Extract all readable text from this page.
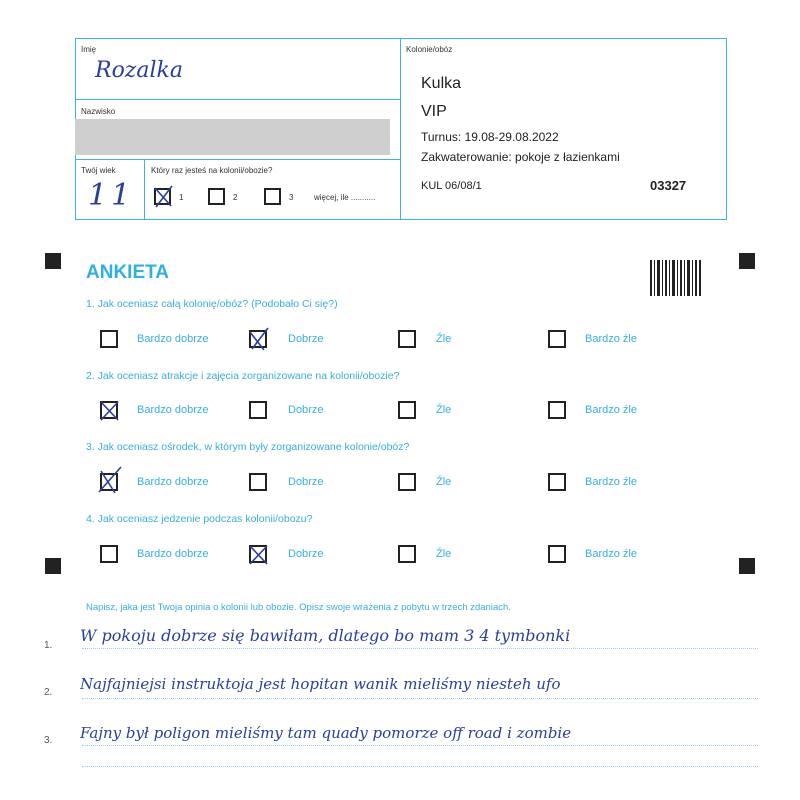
Imię
Rozalka
Nazwisko
Twój wiek
11
Który raz jesteś na kolonii/obozie?
1	2	3	więcej, ile ...........
Kolonie/obóz
Kulka
VIP
Turnus: 19.08-29.08.2022
Zakwaterowanie: pokoje z łazienkami
KUL 06/08/1	03327
ANKIETA
1. Jak oceniasz całą kolonię/obóz? (Podobało Ci się?)
2. Jak oceniasz atrakcje i zajęcia zorganizowane na kolonii/obozie?
3. Jak oceniasz ośrodek, w którym były zorganizowane kolonie/obóz?
4. Jak oceniasz jedzenie podczas kolonii/obozu?
Bardzo dobrze	Dobrze	Źle	Bardzo źle
Bardzo dobrze	Dobrze	Źle	Bardzo źle
Bardzo dobrze	Dobrze	Źle	Bardzo źle
Bardzo dobrze	Dobrze	Źle	Bardzo źle
Napisz, jaka jest Twoja opinia o kolonii lub obozie. Opisz swoje wrażenia z pobytu w trzech zdaniach.
1.
W pokoju dobrze się bawiłam, dlatego bo mam 3 4 tymbonki
2. Najfajniejsi instruktoja jest hopitan wanik mieliśmy niesteh ufo
3. Fajny był poligon mieliśmy tam quady pomorze off road i zombie
